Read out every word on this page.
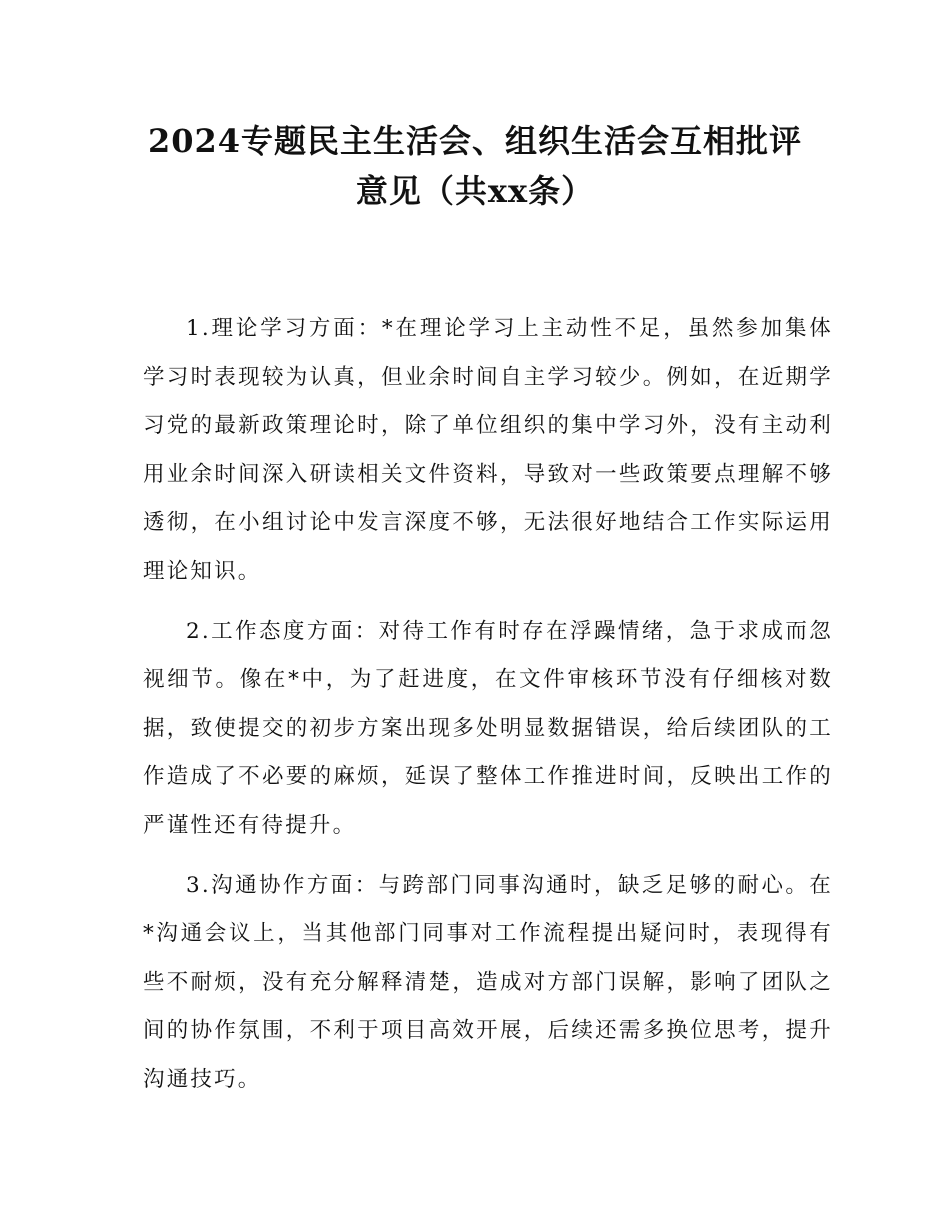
2024专题民主生活会、组织生活会互相批评
意见（共xx条）

1.理论学习方面：*在理论学习上主动性不足，虽然参加集体学习时表现较为认真，但业余时间自主学习较少。例如，在近期学习党的最新政策理论时，除了单位组织的集中学习外，没有主动利用业余时间深入研读相关文件资料，导致对一些政策要点理解不够透彻，在小组讨论中发言深度不够，无法很好地结合工作实际运用理论知识。

2.工作态度方面：对待工作有时存在浮躁情绪，急于求成而忽视细节。像在*中，为了赶进度，在文件审核环节没有仔细核对数据，致使提交的初步方案出现多处明显数据错误，给后续团队的工作造成了不必要的麻烦，延误了整体工作推进时间，反映出工作的严谨性还有待提升。

3.沟通协作方面：与跨部门同事沟通时，缺乏足够的耐心。在*沟通会议上，当其他部门同事对工作流程提出疑问时，表现得有些不耐烦，没有充分解释清楚，造成对方部门误解，影响了团队之间的协作氛围，不利于项目高效开展，后续还需多换位思考，提升沟通技巧。
